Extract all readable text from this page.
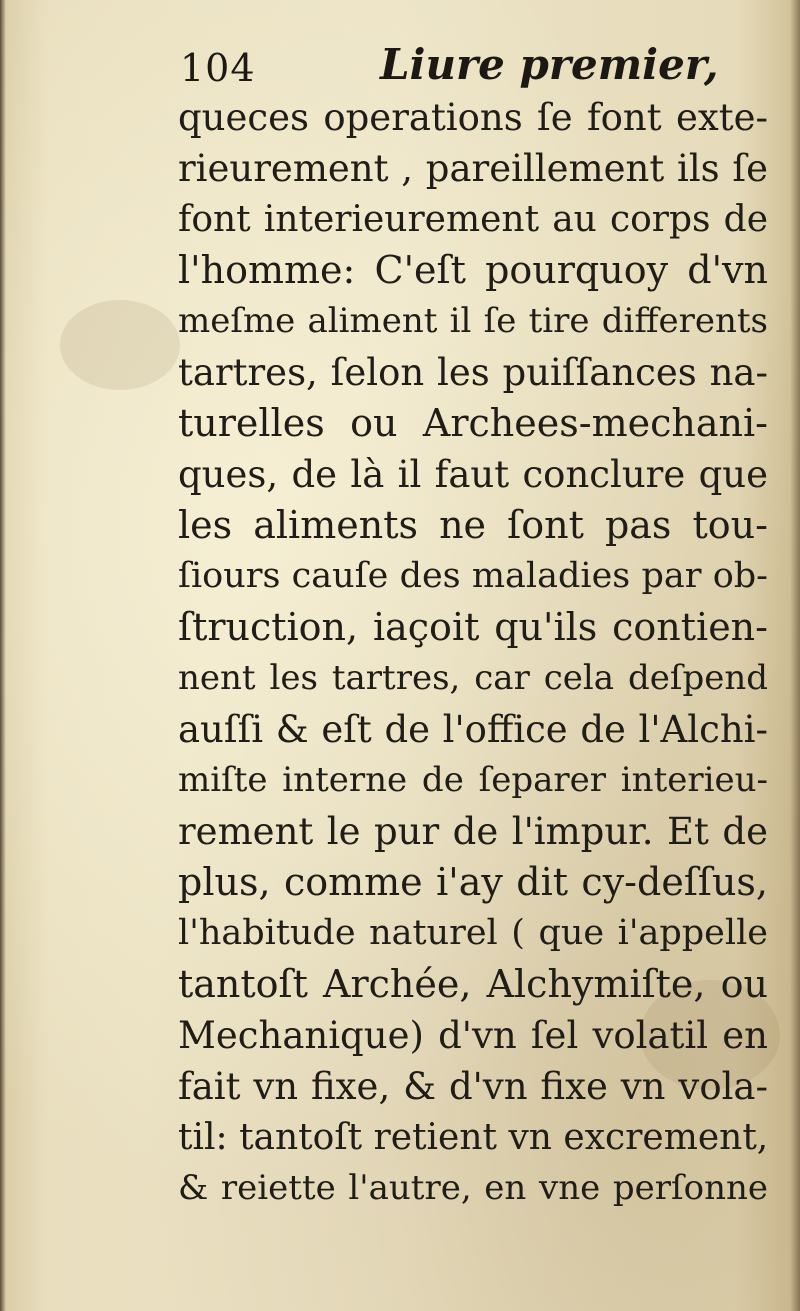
104	Liure premier,
queces operations ſe font exte-
rieurement , pareillement ils ſe
font interieurement au corps de
l'homme: C'eſt pourquoy d'vn
meſme aliment il ſe tire differents
tartres, ſelon les puiſſances na-
turelles ou Archees-mechani-
ques, de là il faut conclure que
les aliments ne ſont pas tou-
ſiours cauſe des maladies par ob-
ſtruction, iaçoit qu'ils contien-
nent les tartres, car cela deſpend
auſſi & eſt de l'office de l'Alchi-
miſte interne de ſeparer interieu-
rement le pur de l'impur. Et de
plus, comme i'ay dit cy-deſſus,
l'habitude naturel ( que i'appelle
tantoſt Archée, Alchymiſte, ou
Mechanique) d'vn ſel volatil en
fait vn fixe, & d'vn fixe vn vola-
til: tantoſt retient vn excrement,
& reiette l'autre, en vne perſonne
